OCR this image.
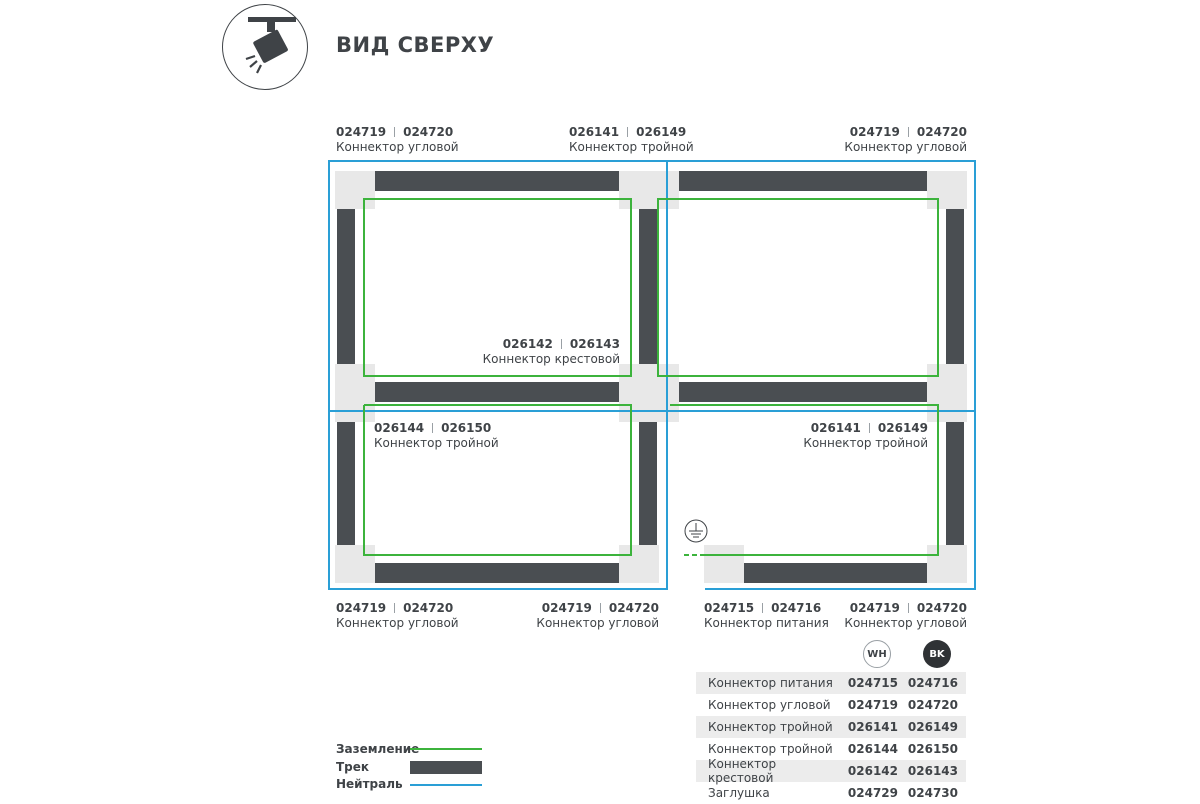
ВИД СВЕРХУ
024719 024720
Коннектор угловой
026141 026149
Коннектор тройной
024719 024720
Коннектор угловой
026142 026143
Коннектор крестовой
026144 026150
Коннектор тройной
026141 026149
Коннектор тройной
024719 024720
Коннектор угловой
024719 024720
Коннектор угловой
024715 024716
Коннектор питания
024719 024720
Коннектор угловой
WH	BK
Коннектор питания	024715 024716
Коннектор угловой	024719 024720
Коннектор тройной	026141 026149
Коннектор тройной	026144 026150
Коннектор крестовой	026142 026143
Заглушка	024729 024730
Заземление
Трек
Нейтраль
